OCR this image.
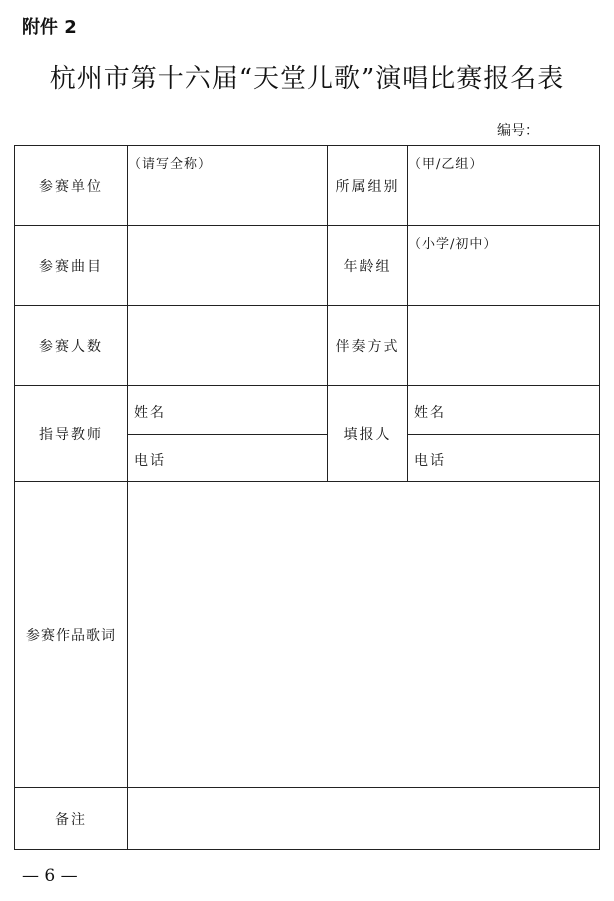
附件 2
杭州市第十六届“天堂儿歌”演唱比赛报名表
编号：
参赛单位
（请写全称）
所属组别
（甲/乙组）
参赛曲目	年龄组
（小学/初中）
参赛人数	伴奏方式
指导教师
姓名
电话
填报人
姓名
电话
参赛作品歌词
备注
— 6 —
